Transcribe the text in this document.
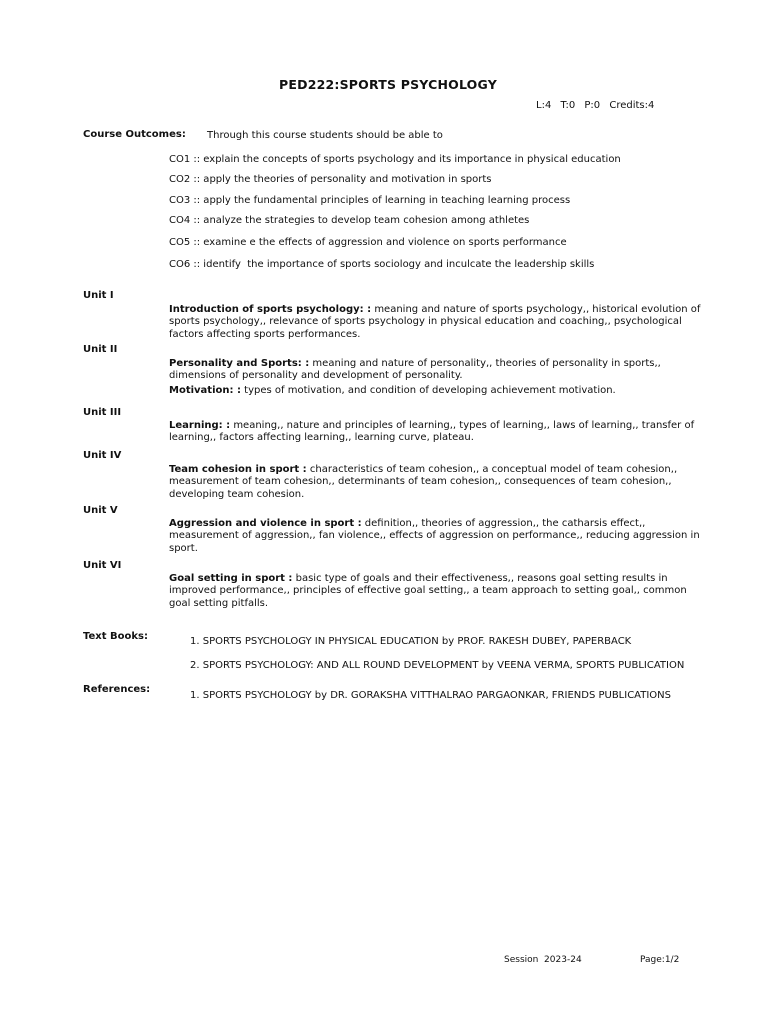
PED222:SPORTS PSYCHOLOGY
L:4 T:0 P:0 Credits:4
Course Outcomes: Through this course students should be able to
CO1 :: explain the concepts of sports psychology and its importance in physical education
CO2 :: apply the theories of personality and motivation in sports
CO3 :: apply the fundamental principles of learning in teaching learning process
CO4 :: analyze the strategies to develop team cohesion among athletes
CO5 :: examine e the effects of aggression and violence on sports performance
CO6 :: identify  the importance of sports sociology and inculcate the leadership skills
Unit I
Introduction of sports psychology: : meaning and nature of sports psychology,, historical evolution of sports psychology,, relevance of sports psychology in physical education and coaching,, psychological factors affecting sports performances.
Unit II
Personality and Sports: : meaning and nature of personality,, theories of personality in sports,, dimensions of personality and development of personality.
Motivation: : types of motivation, and condition of developing achievement motivation.
Unit III
Learning: : meaning,, nature and principles of learning,, types of learning,, laws of learning,, transfer of learning,, factors affecting learning,, learning curve, plateau.
Unit IV
Team cohesion in sport : characteristics of team cohesion,, a conceptual model of team cohesion,, measurement of team cohesion,, determinants of team cohesion,, consequences of team cohesion,, developing team cohesion.
Unit V
Aggression and violence in sport : definition,, theories of aggression,, the catharsis effect,, measurement of aggression,, fan violence,, effects of aggression on performance,, reducing aggression in sport.
Unit VI
Goal setting in sport : basic type of goals and their effectiveness,, reasons goal setting results in improved performance,, principles of effective goal setting,, a team approach to setting goal,, common goal setting pitfalls.
Text Books:	1. SPORTS PSYCHOLOGY IN PHYSICAL EDUCATION by PROF. RAKESH DUBEY, PAPERBACK
2. SPORTS PSYCHOLOGY: AND ALL ROUND DEVELOPMENT by VEENA VERMA, SPORTS PUBLICATION
References:
1. SPORTS PSYCHOLOGY by DR. GORAKSHA VITTHALRAO PARGAONKAR, FRIENDS PUBLICATIONS
Session  2023-24	Page:1/2
